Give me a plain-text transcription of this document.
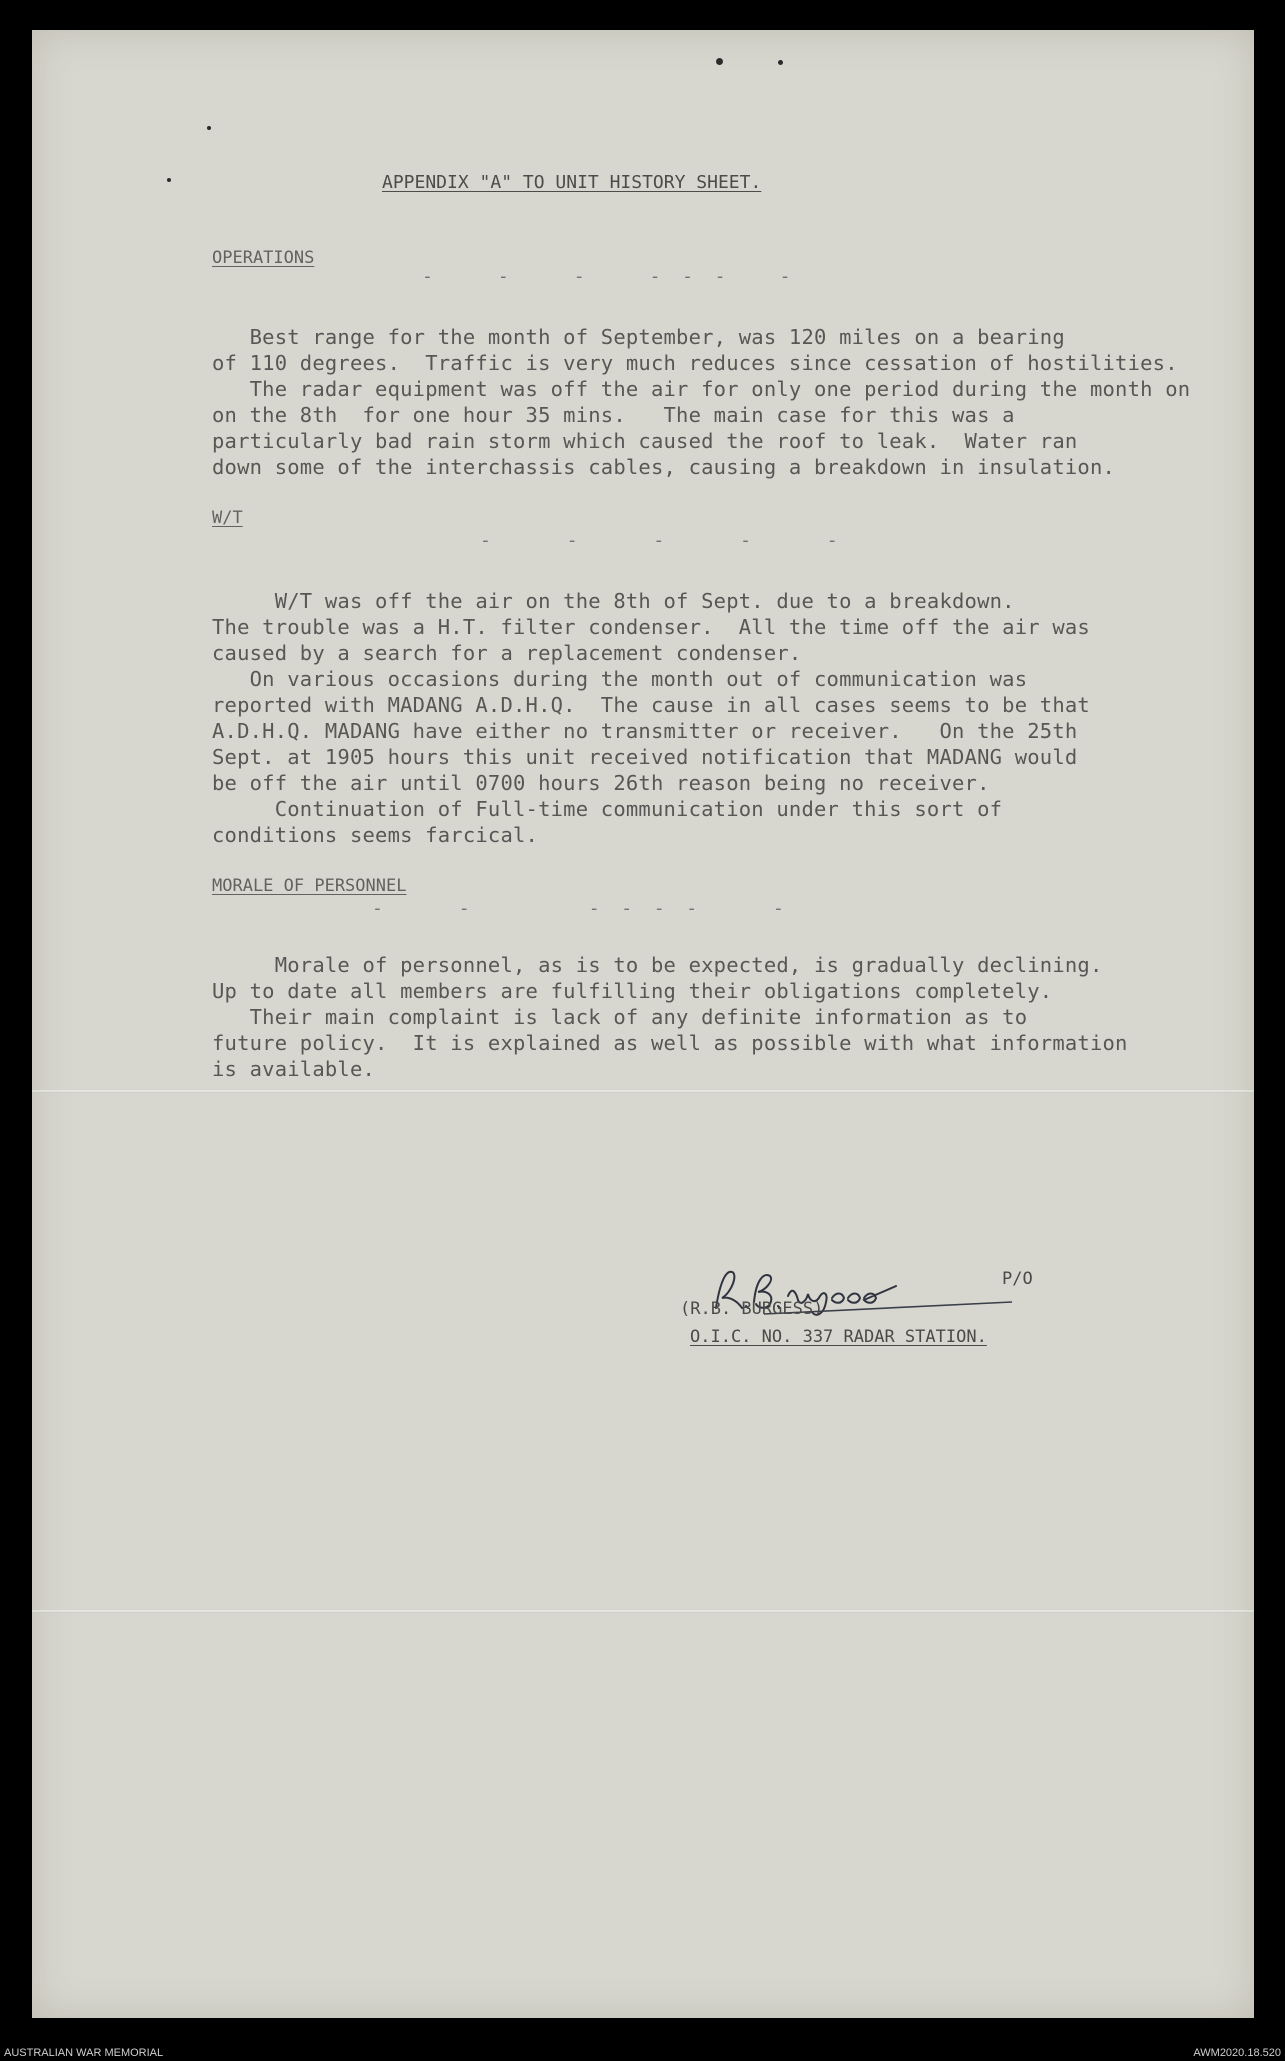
APPENDIX "A" TO UNIT HISTORY SHEET.
OPERATIONS
-      -      -      -  -  -     -

Best range for the month of September, was 120 miles on a bearing
of 110 degrees.  Traffic is very much reduces since cessation of hostilities.
The radar equipment was off the air for only one period during the month on
on the 8th  for one hour 35 mins.   The main case for this was a
particularly bad rain storm which caused the roof to leak.  Water ran
down some of the interchassis cables, causing a breakdown in insulation.
W/T
-       -       -       -       -

W/T was off the air on the 8th of Sept. due to a breakdown.
The trouble was a H.T. filter condenser.  All the time off the air was
caused by a search for a replacement condenser.
On various occasions during the month out of communication was
reported with MADANG A.D.H.Q.  The cause in all cases seems to be that
A.D.H.Q. MADANG have either no transmitter or receiver.   On the 25th
Sept. at 1905 hours this unit received notification that MADANG would
be off the air until 0700 hours 26th reason being no receiver.
Continuation of Full-time communication under this sort of
conditions seems farcical.
MORALE OF PERSONNEL
-       -           -  -  -  -       -

Morale of personnel, as is to be expected, is gradually declining.
Up to date all members are fulfilling their obligations completely.
Their main complaint is lack of any definite information as to
future policy.  It is explained as well as possible with what information
is available.
P/O
(R.B. BURGESS)
O.I.C. NO. 337 RADAR STATION.
AUSTRALIAN WAR MEMORIAL	AWM2020.18.520
